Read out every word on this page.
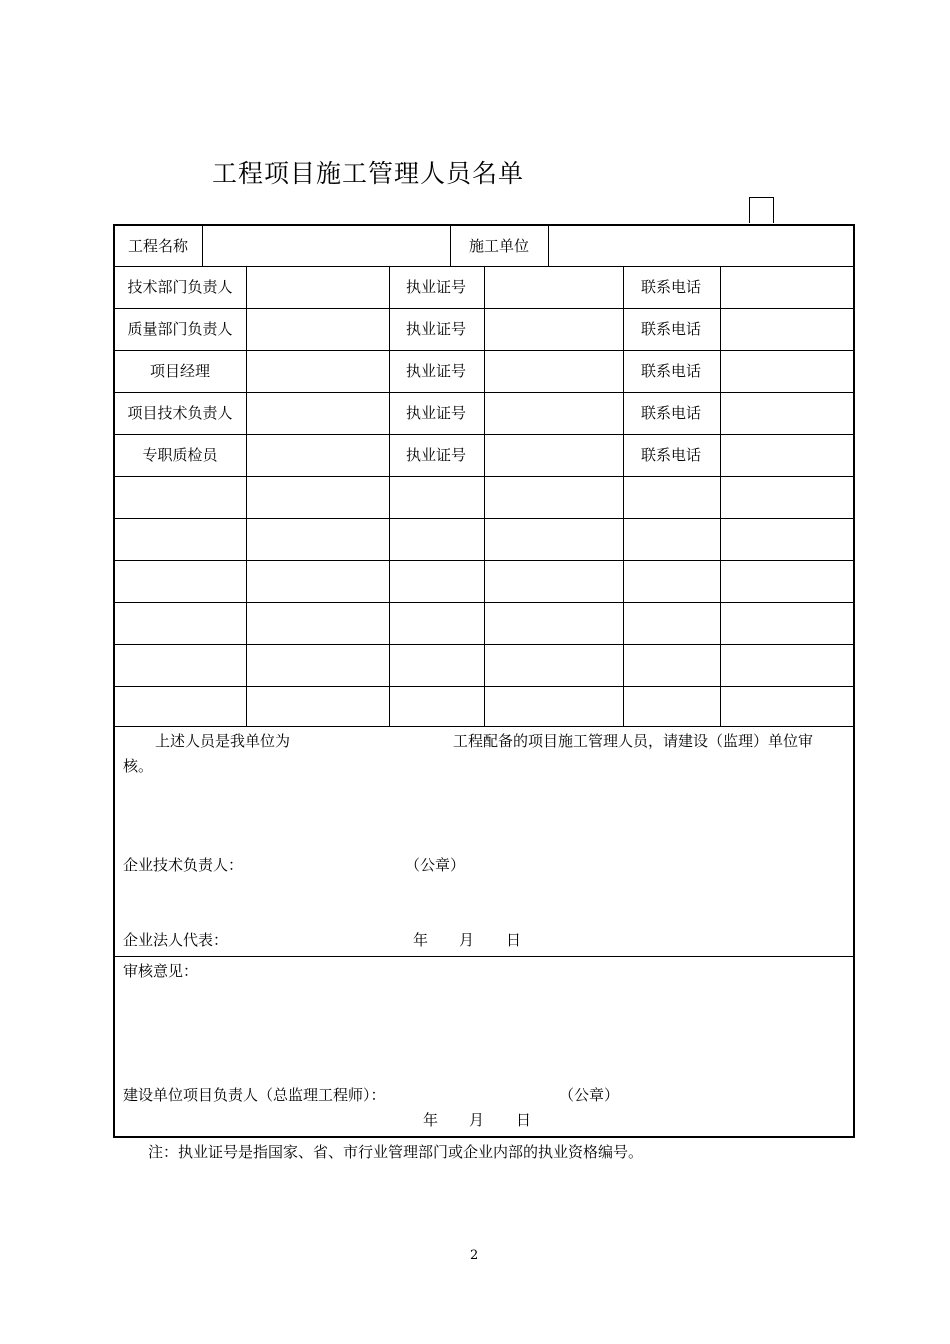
工程项目施工管理人员名单
工程名称	施工单位
技术部门负责人	执业证号	联系电话
质量部门负责人	执业证号	联系电话
项目经理	执业证号	联系电话
项目技术负责人	执业证号	联系电话
专职质检员	执业证号	联系电话
上述人员是我单位为	工程配备的项目施工管理人员，请建设（监理）单位审
核。
企业技术负责人：	（公章）
企业法人代表：	年 月 日
审核意见：
建设单位项目负责人（总监理工程师）：	（公章）
年 月 日
注：执业证号是指国家、省、市行业管理部门或企业内部的执业资格编号。
2
